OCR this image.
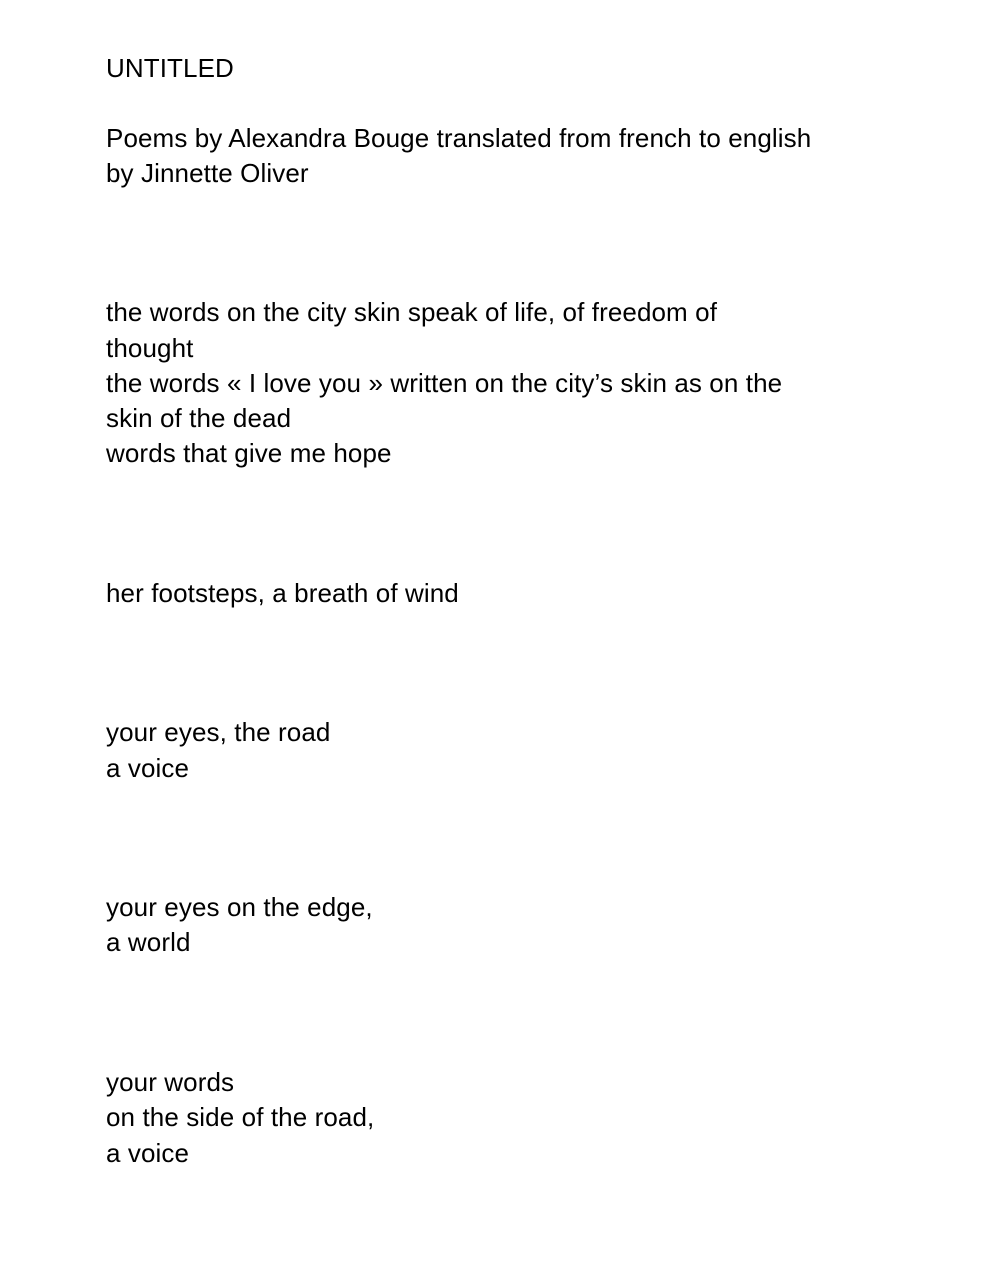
UNTITLED

Poems by Alexandra Bouge translated from french to english

by Jinnette Oliver

the words on the city skin speak of life, of freedom of

thought

the words « I love you » written on the city’s skin as on the

skin of the dead

words that give me hope

her footsteps, a breath of wind

your eyes, the road

a voice

your eyes on the edge,

a world

your words

on the side of the road,

a voice
